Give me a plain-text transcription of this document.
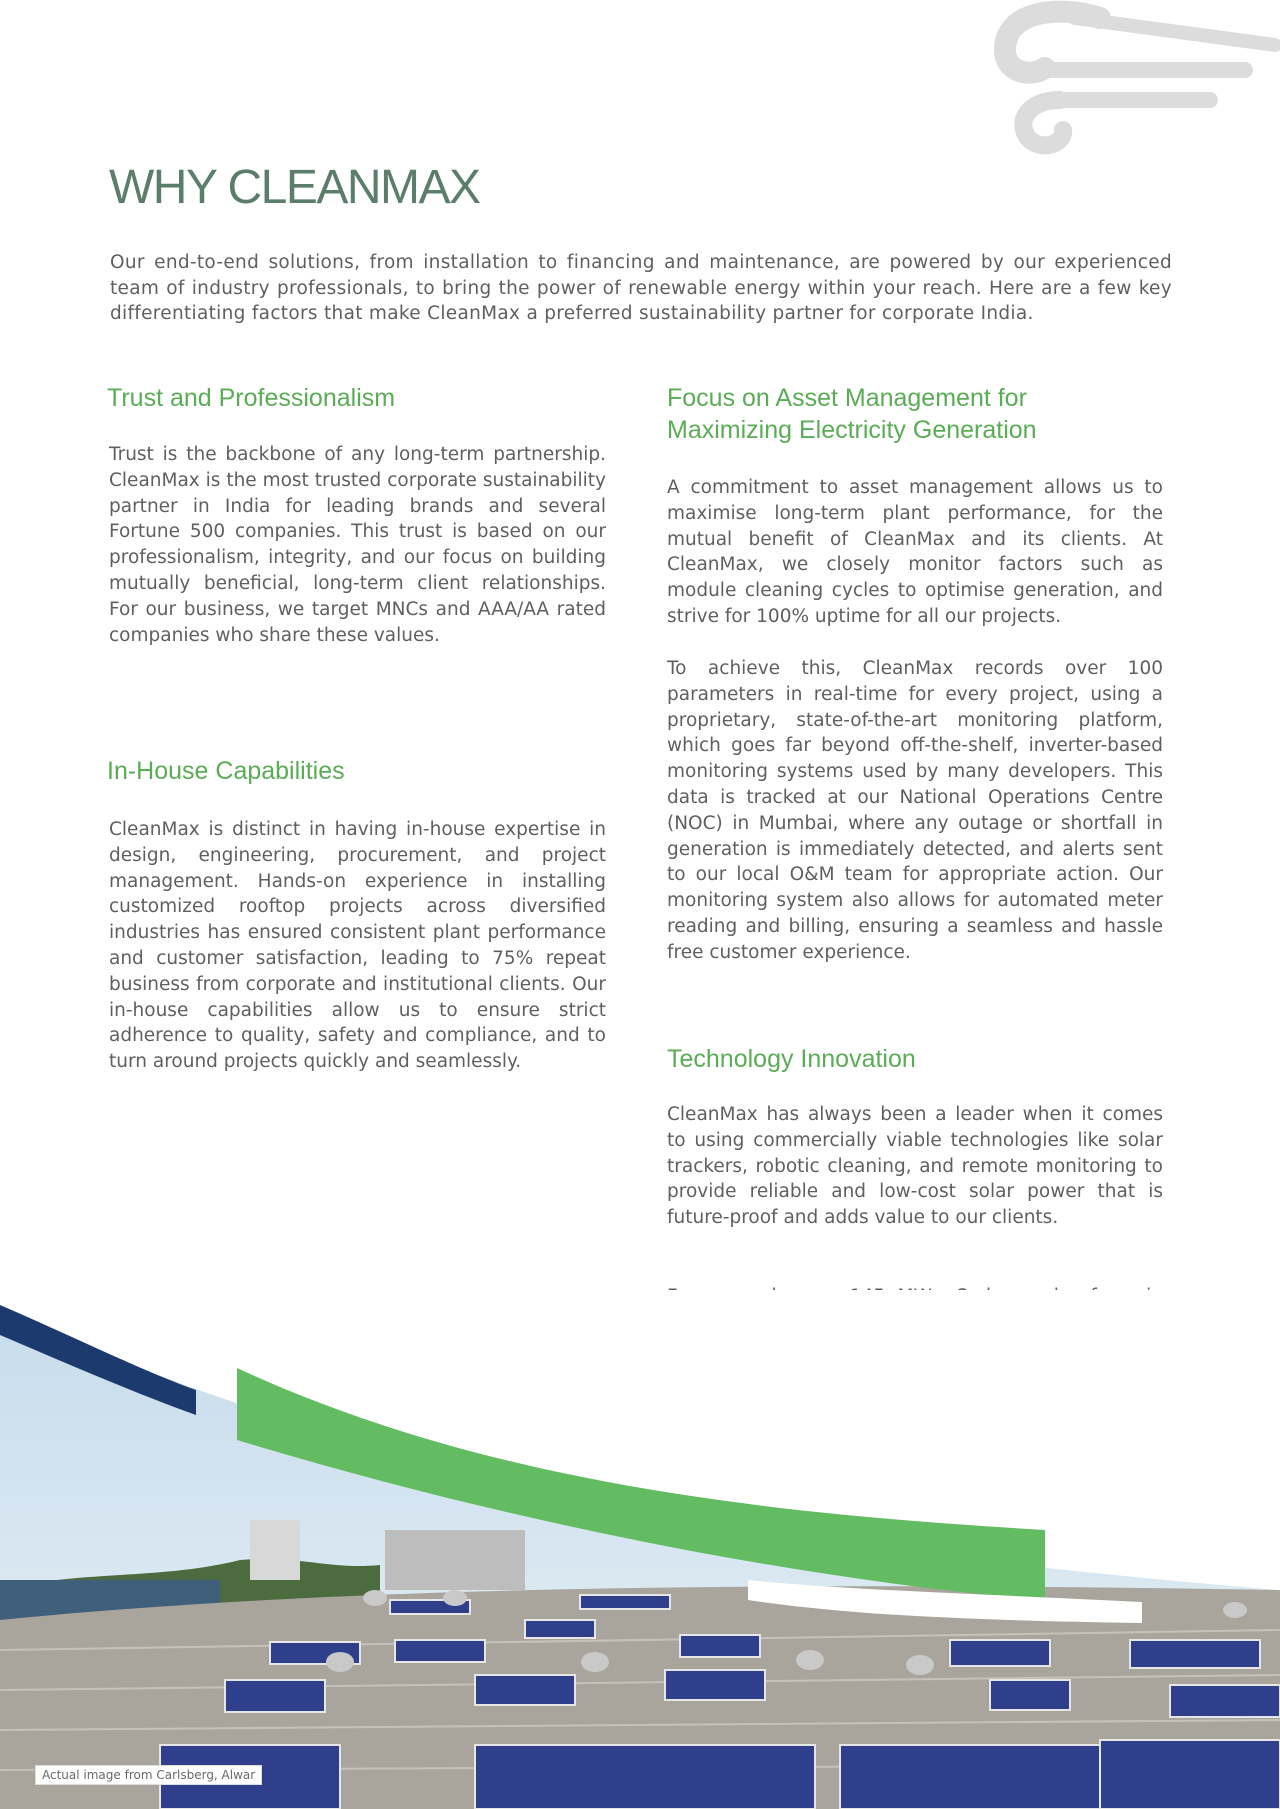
WHY CLEANMAX

Our end-to-end solutions, from installation to financing and maintenance, are powered by our experienced team of industry professionals, to bring the power of renewable energy within your reach. Here are a few key differentiating factors that make CleanMax a preferred sustainability partner for corporate India.

Trust and Professionalism

Trust is the backbone of any long-term partnership. CleanMax is the most trusted corporate sustainability partner in India for leading brands and several Fortune 500 companies. This trust is based on our professionalism, integrity, and our focus on building mutually beneficial, long-term client relationships. For our business, we target MNCs and AAA/AA rated companies who share these values.

In-House Capabilities

CleanMax is distinct in having in-house expertise in design, engineering, procurement, and project management. Hands-on experience in installing customized rooftop projects across diversified industries has ensured consistent plant performance and customer satisfaction, leading to 75% repeat business from corporate and institutional clients. Our in-house capabilities allow us to ensure strict adherence to quality, safety and compliance, and to turn around projects quickly and seamlessly.

Focus on Asset Management for
Maximizing Electricity Generation

A commitment to asset management allows us to maximise long-term plant performance, for the mutual benefit of CleanMax and its clients. At CleanMax, we closely monitor factors such as module cleaning cycles to optimise generation, and strive for 100% uptime for all our projects.

To achieve this, CleanMax records over 100 parameters in real-time for every project, using a proprietary, state-of-the-art monitoring platform, which goes far beyond off-the-shelf, inverter-based monitoring systems used by many developers. This data is tracked at our National Operations Centre (NOC) in Mumbai, where any outage or shortfall in generation is immediately detected, and alerts sent to our local O&M team for appropriate action. Our monitoring system also allows for automated meter reading and billing, ensuring a seamless and hassle free customer experience.

Technology Innovation

CleanMax has always been a leader when it comes to using commercially viable technologies like solar trackers, robotic cleaning, and remote monitoring to provide reliable and low-cost solar power that is future-proof and adds value to our clients.

Actual image from Carlsberg, Alwar
